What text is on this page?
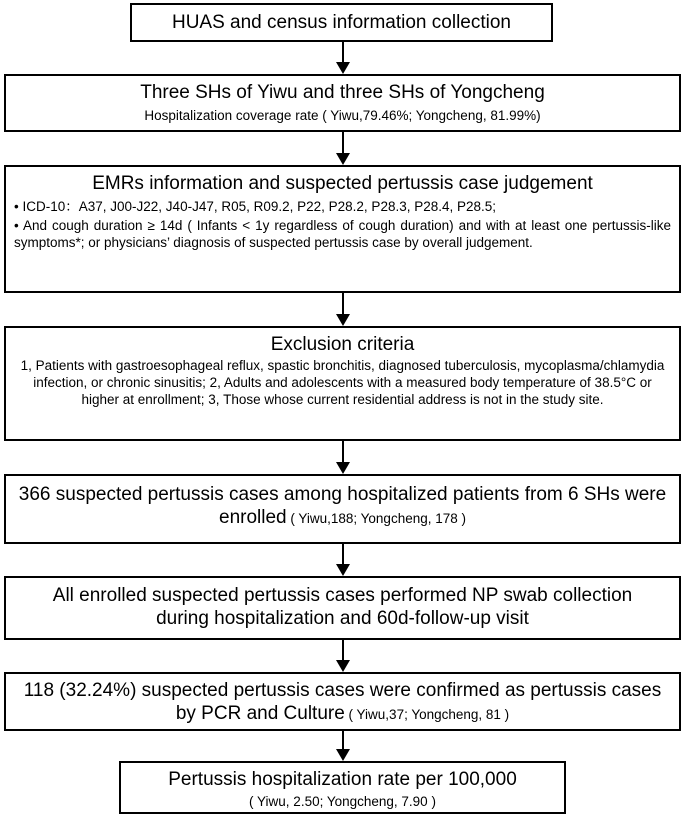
HUAS and census information collection
Three SHs of Yiwu and three SHs of Yongcheng
Hospitalization coverage rate ( Yiwu,79.46%; Yongcheng, 81.99%)
EMRs information and suspected pertussis case judgement
• ICD-10：A37, J00-J22, J40-J47, R05, R09.2, P22, P28.2, P28.3, P28.4, P28.5;
• And cough duration ≥ 14d ( Infants < 1y regardless of cough duration) and with at least one pertussis-like symptoms*; or physicians’ diagnosis of suspected pertussis case by overall judgement.
Exclusion criteria
1, Patients with gastroesophageal reflux, spastic bronchitis, diagnosed tuberculosis, mycoplasma/chlamydia infection, or chronic sinusitis; 2, Adults and adolescents with a measured body temperature of 38.5°C or higher at enrollment; 3, Those whose current residential address is not in the study site.
366 suspected pertussis cases among hospitalized patients from 6 SHs were enrolled ( Yiwu,188; Yongcheng, 178 )
All enrolled suspected pertussis cases performed NP swab collection during hospitalization and 60d-follow-up visit
118 (32.24%) suspected pertussis cases were confirmed as pertussis cases by PCR and Culture ( Yiwu,37; Yongcheng, 81 )
Pertussis hospitalization rate per 100,000
( Yiwu, 2.50; Yongcheng, 7.90 )
